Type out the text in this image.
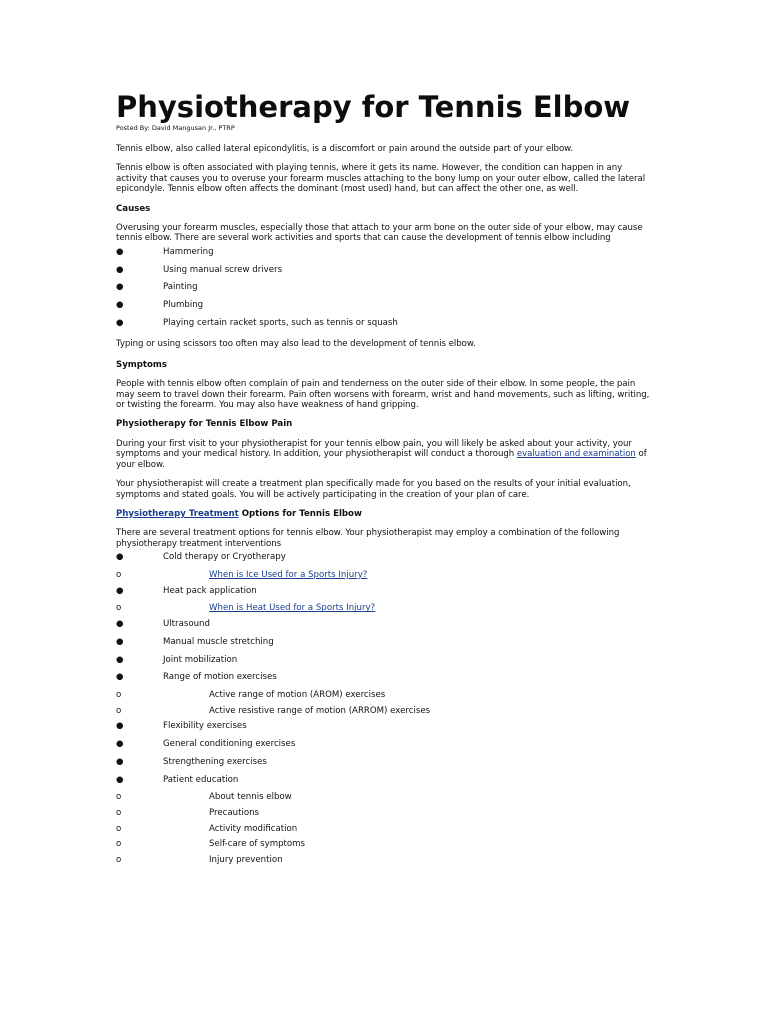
Physiotherapy for Tennis Elbow
Posted By: David Mangusan Jr., PTRP

Tennis elbow, also called lateral epicondylitis, is a discomfort or pain around the outside part of your elbow.

Tennis elbow is often associated with playing tennis, where it gets its name. However, the condition can happen in any activity that causes you to overuse your forearm muscles attaching to the bony lump on your outer elbow, called the lateral epicondyle. Tennis elbow often affects the dominant (most used) hand, but can affect the other one, as well.

Causes

Overusing your forearm muscles, especially those that attach to your arm bone on the outer side of your elbow, may cause tennis elbow. There are several work activities and sports that can cause the development of tennis elbow including

●	Hammering
●	Using manual screw drivers
●	Painting
●	Plumbing
●	Playing certain racket sports, such as tennis or squash

Typing or using scissors too often may also lead to the development of tennis elbow.

Symptoms

People with tennis elbow often complain of pain and tenderness on the outer side of their elbow. In some people, the pain may seem to travel down their forearm. Pain often worsens with forearm, wrist and hand movements, such as lifting, writing, or twisting the forearm. You may also have weakness of hand gripping.

Physiotherapy for Tennis Elbow Pain

During your first visit to your physiotherapist for your tennis elbow pain, you will likely be asked about your activity, your symptoms and your medical history. In addition, your physiotherapist will conduct a thorough evaluation and examination of your elbow.

Your physiotherapist will create a treatment plan specifically made for you based on the results of your initial evaluation, symptoms and stated goals. You will be actively participating in the creation of your plan of care.

Physiotherapy Treatment Options for Tennis Elbow

There are several treatment options for tennis elbow. Your physiotherapist may employ a combination of the following physiotherapy treatment interventions

●	Cold therapy or Cryotherapy
o	When is Ice Used for a Sports Injury?
●	Heat pack application
o	When is Heat Used for a Sports Injury?
●	Ultrasound
●	Manual muscle stretching
●	Joint mobilization
●	Range of motion exercises
o	Active range of motion (AROM) exercises
o	Active resistive range of motion (ARROM) exercises
●	Flexibility exercises
●	General conditioning exercises
●	Strengthening exercises
●	Patient education
o	About tennis elbow
o	Precautions
o	Activity modification
o	Self-care of symptoms
o	Injury prevention
